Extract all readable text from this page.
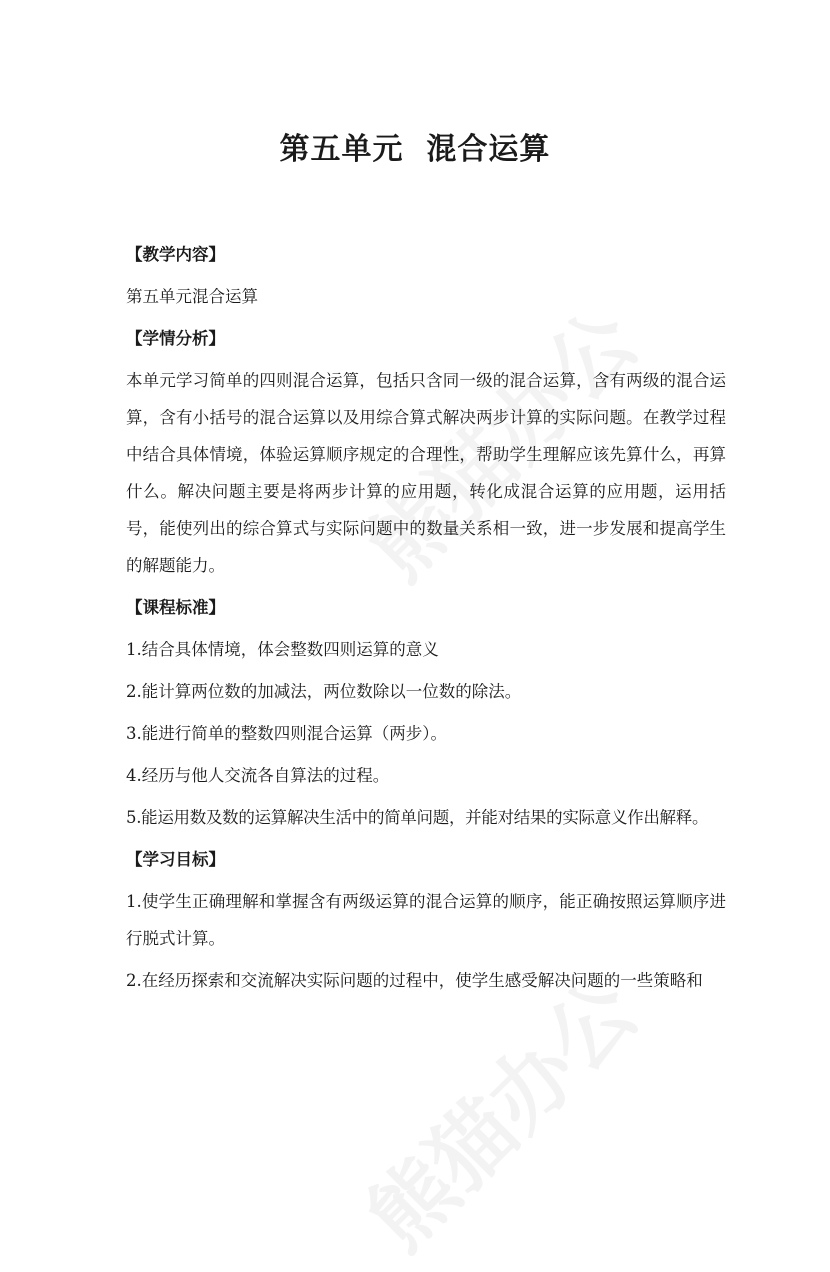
第五单元  混合运算

【教学内容】

第五单元混合运算

【学情分析】

本单元学习简单的四则混合运算，包括只含同一级的混合运算，含有两级的混合运算，含有小括号的混合运算以及用综合算式解决两步计算的实际问题。在教学过程中结合具体情境，体验运算顺序规定的合理性，帮助学生理解应该先算什么，再算什么。解决问题主要是将两步计算的应用题，转化成混合运算的应用题，运用括号，能使列出的综合算式与实际问题中的数量关系相一致，进一步发展和提高学生的解题能力。

【课程标准】

1.结合具体情境，体会整数四则运算的意义

2.能计算两位数的加减法，两位数除以一位数的除法。

3.能进行简单的整数四则混合运算（两步）。

4.经历与他人交流各自算法的过程。

5.能运用数及数的运算解决生活中的简单问题，并能对结果的实际意义作出解释。

【学习目标】

1.使学生正确理解和掌握含有两级运算的混合运算的顺序，能正确按照运算顺序进行脱式计算。

2.在经历探索和交流解决实际问题的过程中，使学生感受解决问题的一些策略和
